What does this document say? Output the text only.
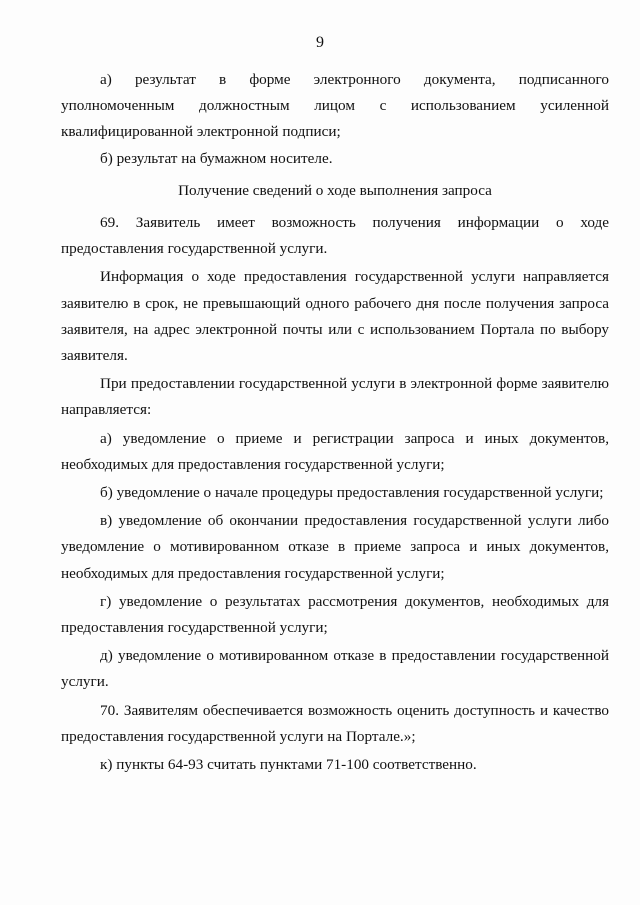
9

а) результат в форме электронного документа, подписанного уполномоченным должностным лицом с использованием усиленной квалифицированной электронной подписи;

б) результат на бумажном носителе.

Получение сведений о ходе выполнения запроса

69. Заявитель имеет возможность получения информации о ходе предоставления государственной услуги.

Информация о ходе предоставления государственной услуги направляется заявителю в срок, не превышающий одного рабочего дня после получения запроса заявителя, на адрес электронной почты или с использованием Портала по выбору заявителя.

При предоставлении государственной услуги в электронной форме заявителю направляется:

а) уведомление о приеме и регистрации запроса и иных документов, необходимых для предоставления государственной услуги;

б) уведомление о начале процедуры предоставления государственной услуги;

в) уведомление об окончании предоставления государственной услуги либо уведомление о мотивированном отказе в приеме запроса и иных документов, необходимых для предоставления государственной услуги;

г) уведомление о результатах рассмотрения документов, необходимых для предоставления государственной услуги;

д) уведомление о мотивированном отказе в предоставлении государственной услуги.

70. Заявителям обеспечивается возможность оценить доступность и качество предоставления государственной услуги на Портале.»;

к) пункты 64-93 считать пунктами 71-100 соответственно.
